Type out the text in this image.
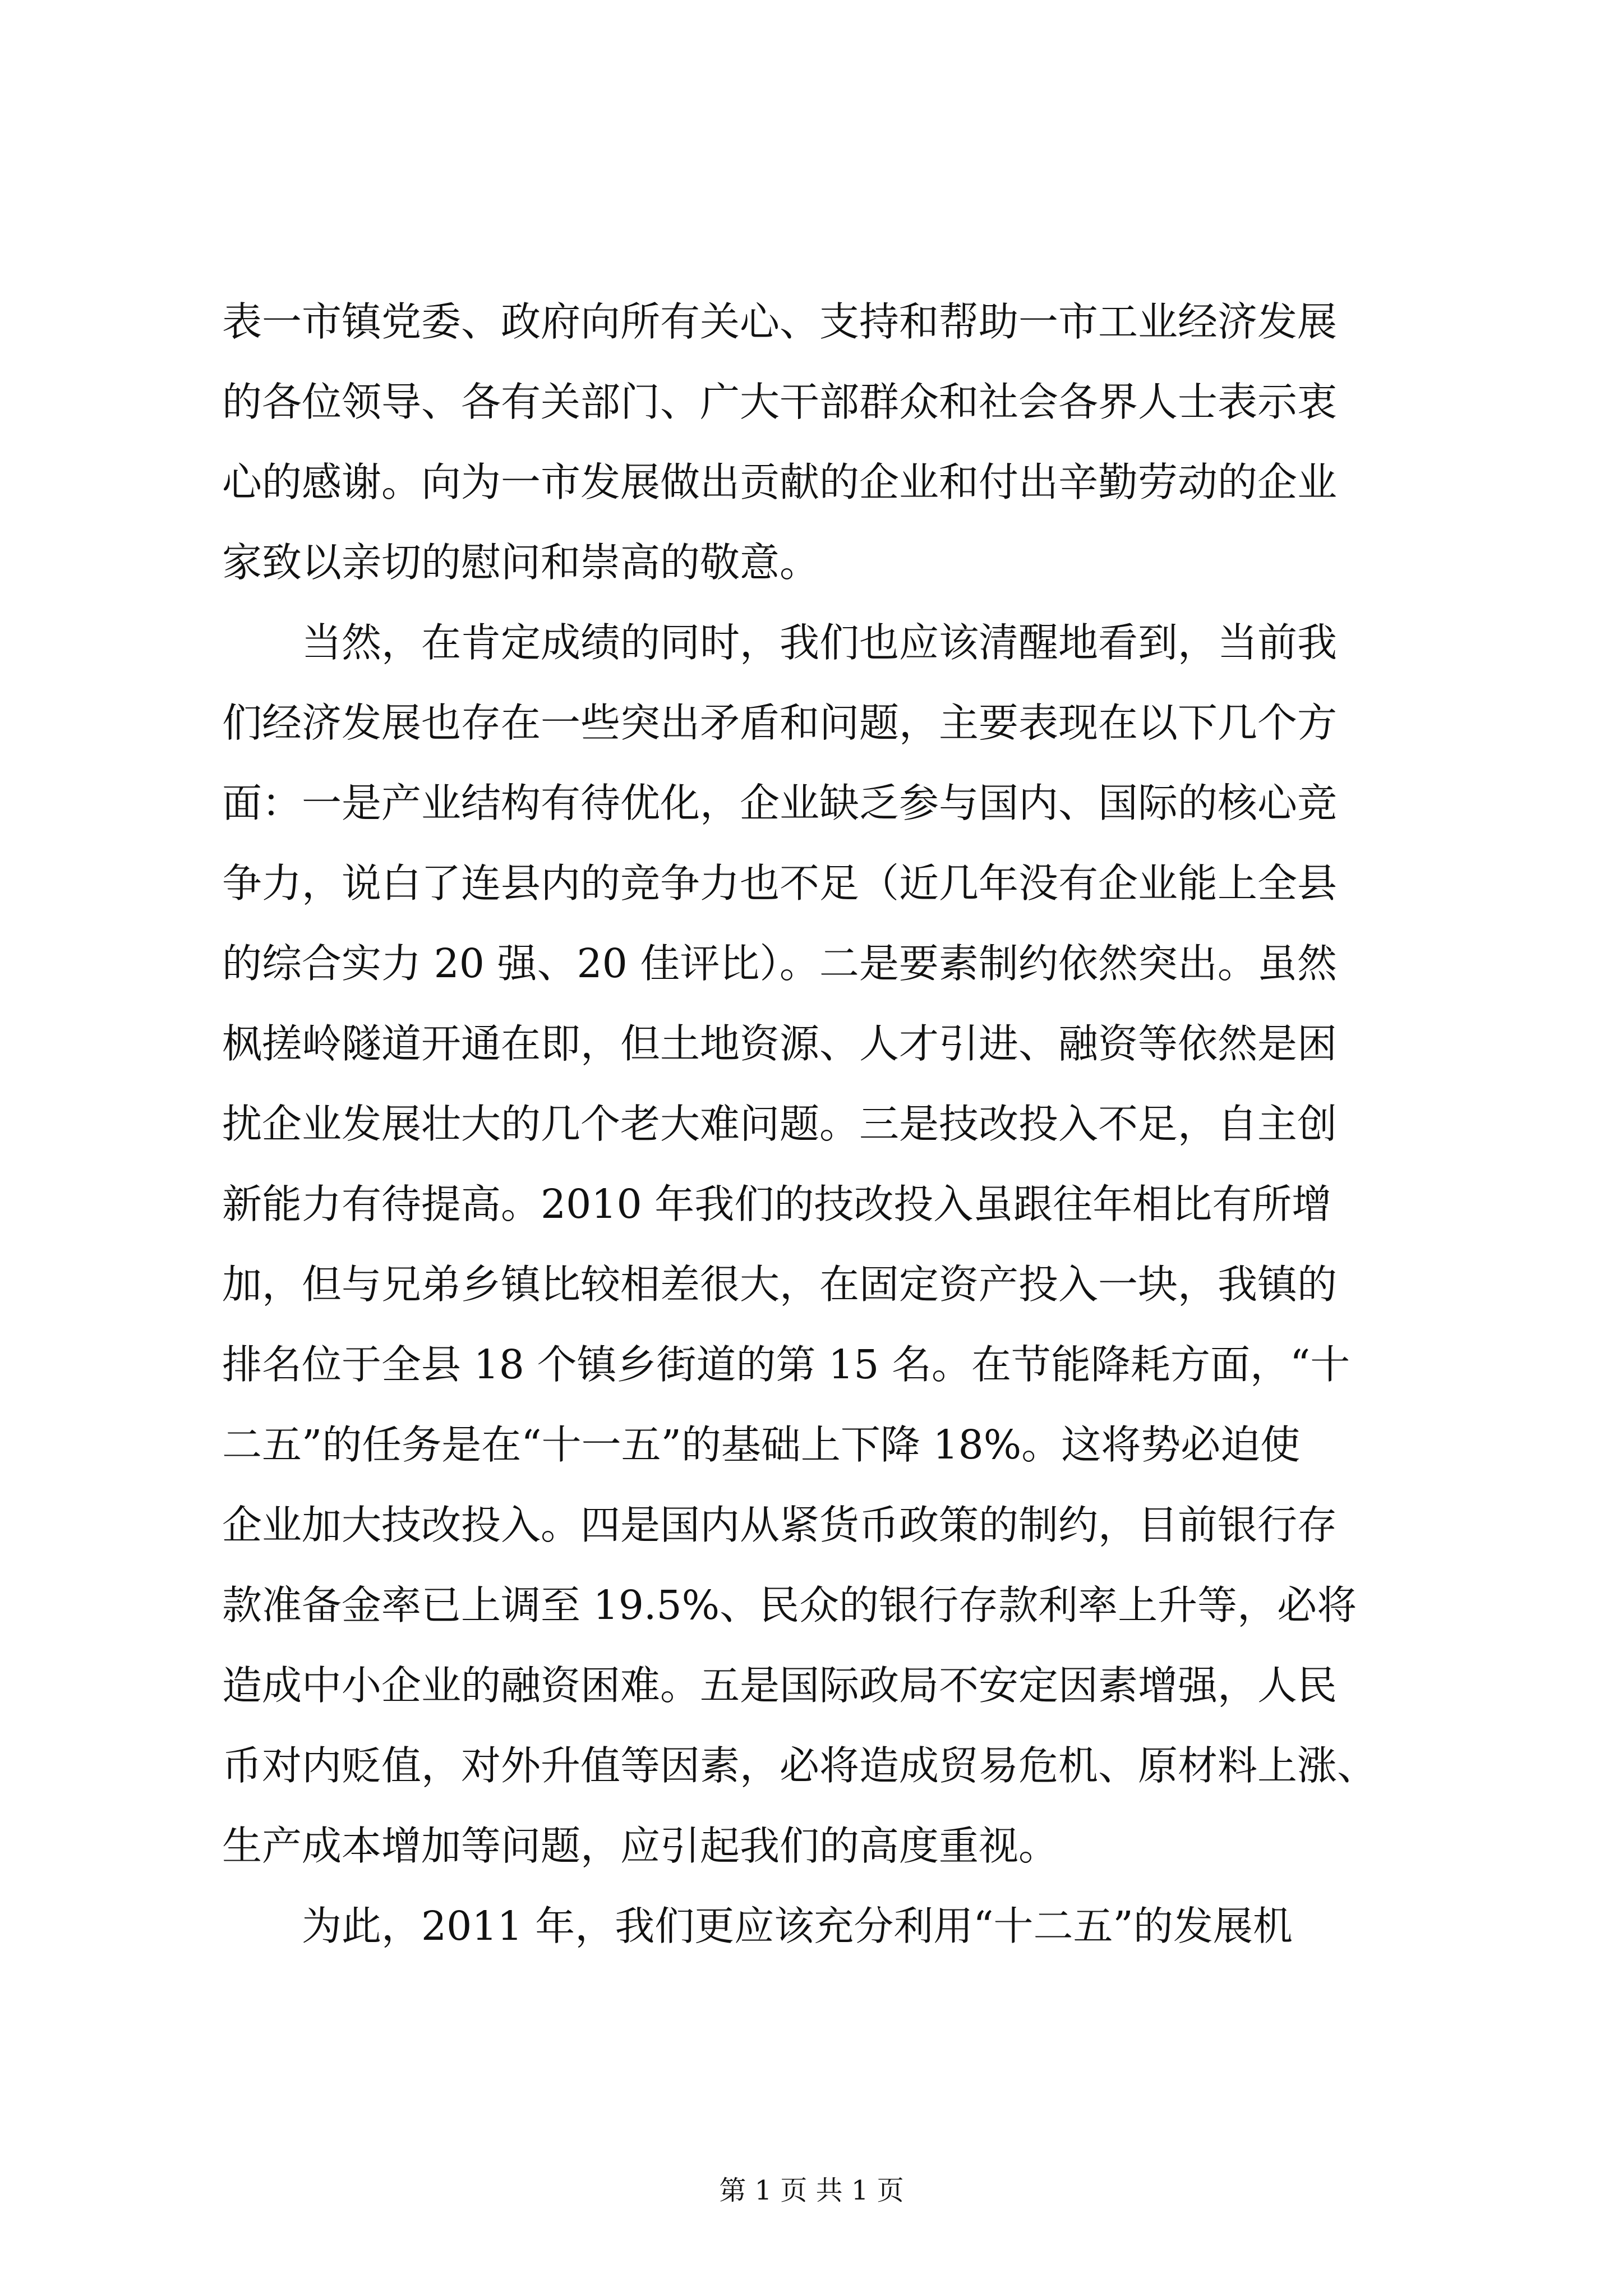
表一市镇党委、政府向所有关心、支持和帮助一市工业经济发展
的各位领导、各有关部门、广大干部群众和社会各界人士表示衷
心的感谢。向为一市发展做出贡献的企业和付出辛勤劳动的企业
家致以亲切的慰问和崇高的敬意。
　　当然，在肯定成绩的同时，我们也应该清醒地看到，当前我
们经济发展也存在一些突出矛盾和问题，主要表现在以下几个方
面：一是产业结构有待优化，企业缺乏参与国内、国际的核心竞
争力，说白了连县内的竞争力也不足（近几年没有企业能上全县
的综合实力 20 强、20 佳评比）。二是要素制约依然突出。虽然
枫搓岭隧道开通在即，但土地资源、人才引进、融资等依然是困
扰企业发展壮大的几个老大难问题。三是技改投入不足，自主创
新能力有待提高。2010 年我们的技改投入虽跟往年相比有所增
加，但与兄弟乡镇比较相差很大，在固定资产投入一块，我镇的
排名位于全县 18 个镇乡街道的第 15 名。在节能降耗方面，“十
二五”的任务是在“十一五”的基础上下降 18%。这将势必迫使
企业加大技改投入。四是国内从紧货币政策的制约，目前银行存
款准备金率已上调至 19.5%、民众的银行存款利率上升等，必将
造成中小企业的融资困难。五是国际政局不安定因素增强，人民
币对内贬值，对外升值等因素，必将造成贸易危机、原材料上涨、
生产成本增加等问题，应引起我们的高度重视。
　　为此，2011 年，我们更应该充分利用“十二五”的发展机
第 1 页 共 1 页
